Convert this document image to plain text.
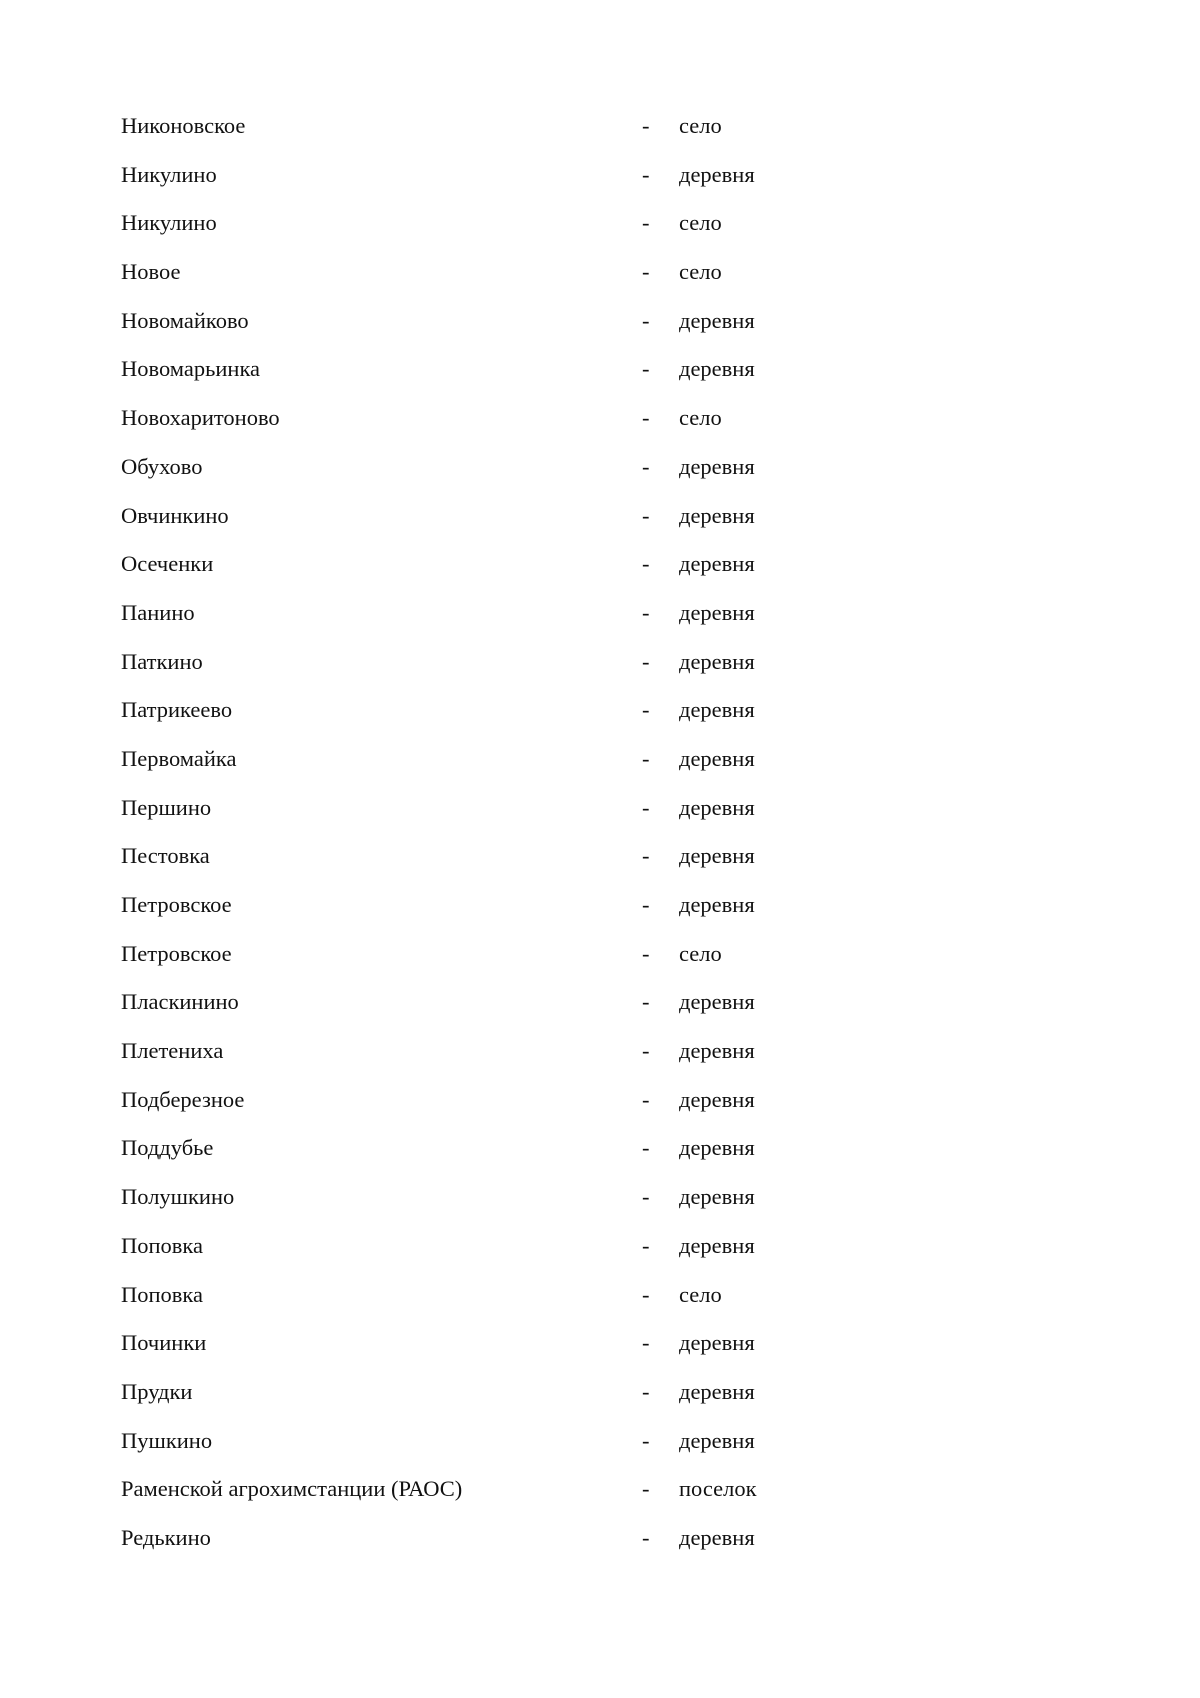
Никоновское	- село
Никулино	- деревня
Никулино	- село
Новое	- село
Новомайково	- деревня
Новомарьинка	- деревня
Новохаритоново	- село
Обухово	- деревня
Овчинкино	- деревня
Осеченки	- деревня
Панино	- деревня
Паткино	- деревня
Патрикеево	- деревня
Первомайка	- деревня
Першино	- деревня
Пестовка	- деревня
Петровское	- деревня
Петровское	- село
Пласкинино	- деревня
Плетениха	- деревня
Подберезное	- деревня
Поддубье	- деревня
Полушкино	- деревня
Поповка	- деревня
Поповка	- село
Починки	- деревня
Прудки	- деревня
Пушкино	- деревня
Раменской агрохимстанции (РАОС)	- поселок
Редькино	- деревня
